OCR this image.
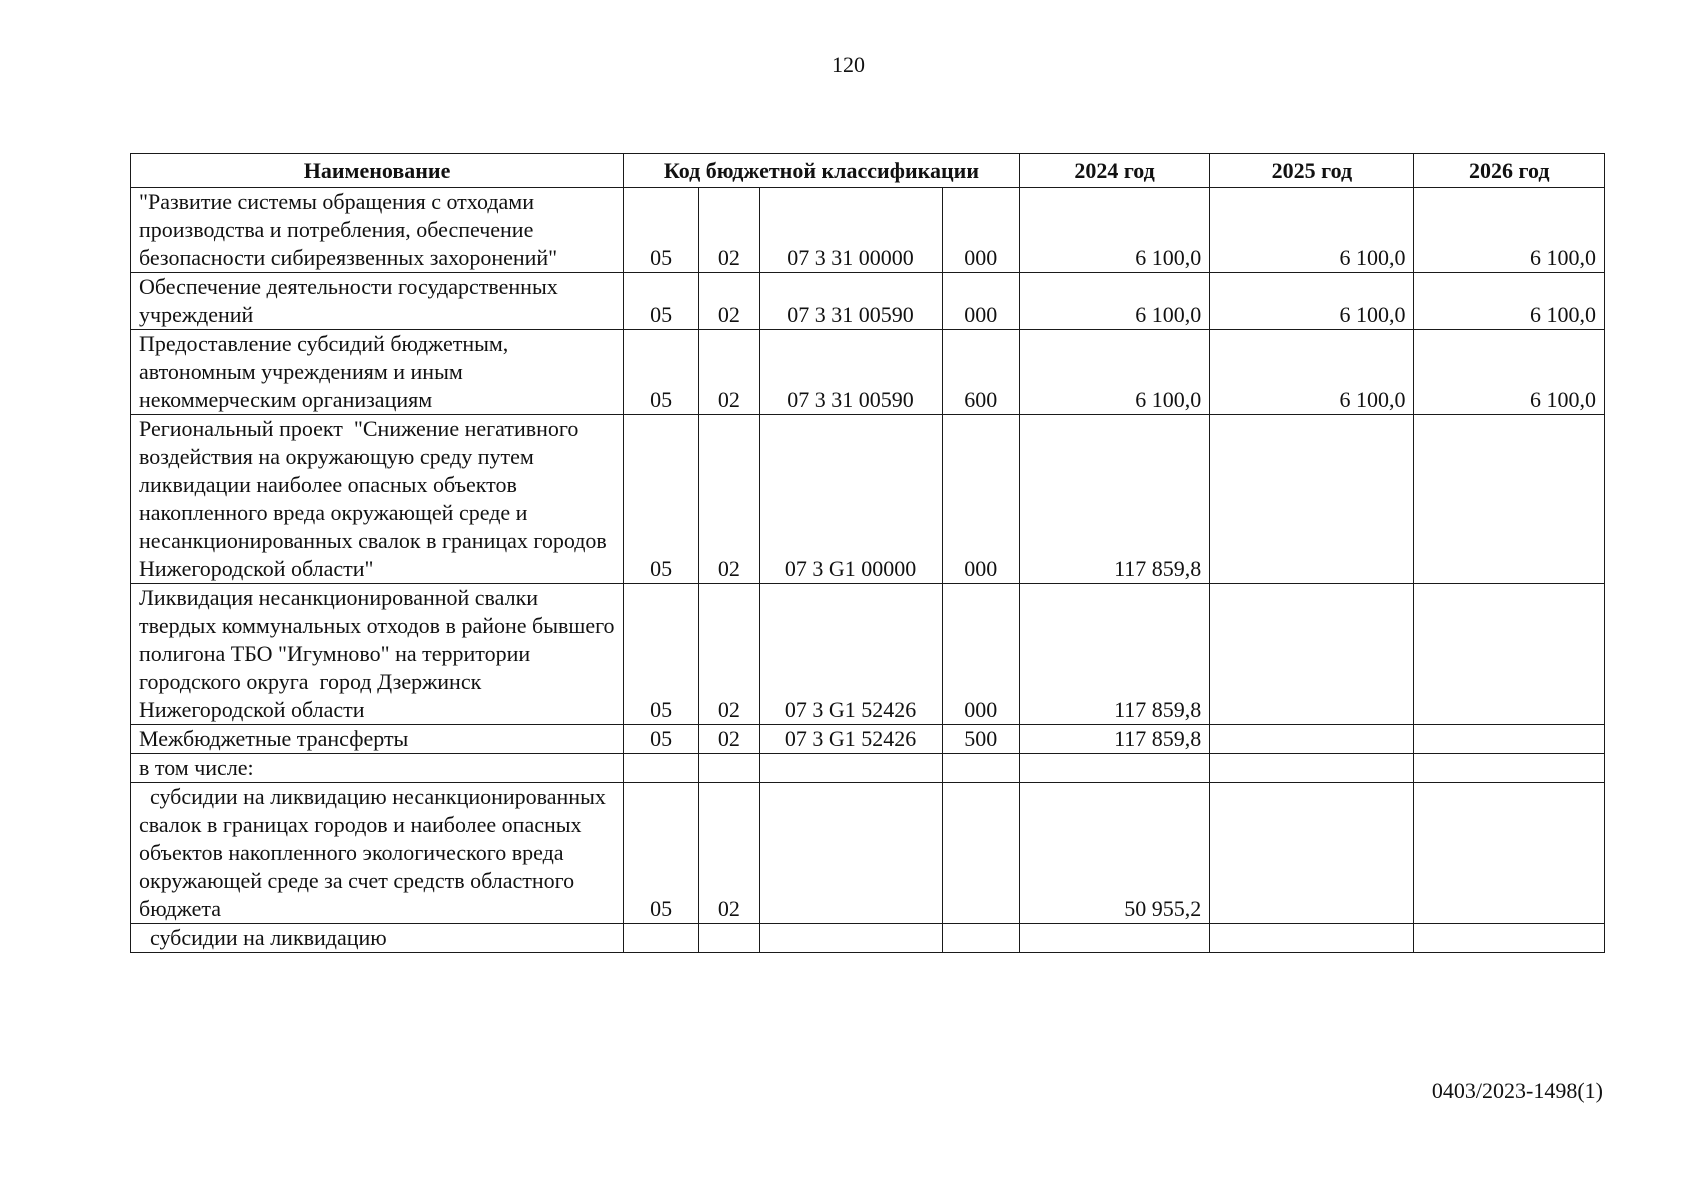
120
Наименование	Код бюджетной классификации				2024 год	2025 год	2026 год
"Развитие системы обращения с отходами производства и потребления, обеспечение безопасности сибиреязвенных захоронений"	05	02	07 3 31 00000	000	6 100,0	6 100,0	6 100,0
Обеспечение деятельности государственных учреждений	05	02	07 3 31 00590	000	6 100,0	6 100,0	6 100,0
Предоставление субсидий бюджетным, автономным учреждениям и иным некоммерческим организациям	05	02	07 3 31 00590	600	6 100,0	6 100,0	6 100,0
Региональный проект  "Снижение негативного воздействия на окружающую среду путем ликвидации наиболее опасных объектов накопленного вреда окружающей среде и несанкционированных свалок в границах городов Нижегородской области"	05	02	07 3 G1 00000	000	117 859,8		
Ликвидация несанкционированной свалки твердых коммунальных отходов в районе бывшего полигона ТБО "Игумново" на территории городского округа  город Дзержинск Нижегородской области	05	02	07 3 G1 52426	000	117 859,8		
Межбюджетные трансферты	05	02	07 3 G1 52426	500	117 859,8		
в том числе:							
субсидии на ликвидацию несанкционированных свалок в границах городов и наиболее опасных объектов накопленного экологического вреда окружающей среде за счет средств областного бюджета	05	02			50 955,2		
субсидии на ликвидацию							
0403/2023-1498(1)
